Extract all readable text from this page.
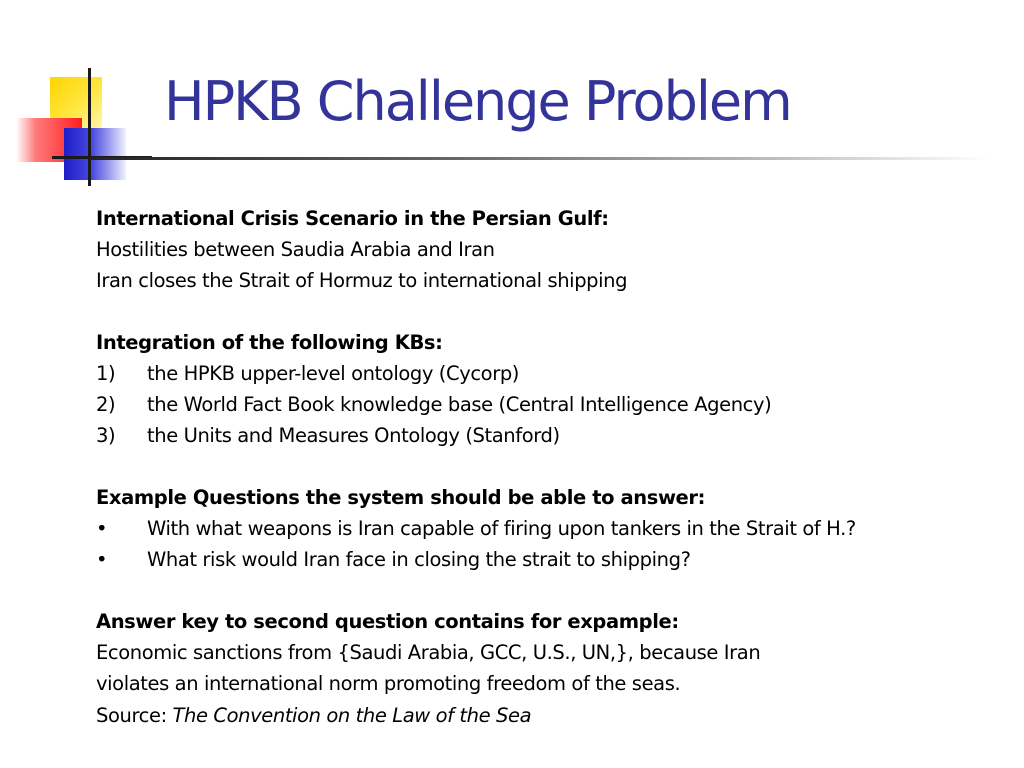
HPKB Challenge Problem
International Crisis Scenario in the Persian Gulf:
Hostilities between Saudia Arabia and Iran
Iran closes the Strait of Hormuz to international shipping
Integration of the following KBs:
1)	the HPKB upper-level ontology (Cycorp)
2)	the World Fact Book knowledge base (Central Intelligence Agency)
3)	the Units and Measures Ontology (Stanford)
Example Questions the system should be able to answer:
•	With what weapons is Iran capable of firing upon tankers in the Strait of H.?
•	What risk would Iran face in closing the strait to shipping?
Answer key to second question contains for expample:
Economic sanctions from {Saudi Arabia, GCC, U.S., UN,}, because Iran
violates an international norm promoting freedom of the seas.
Source: The Convention on the Law of the Sea
